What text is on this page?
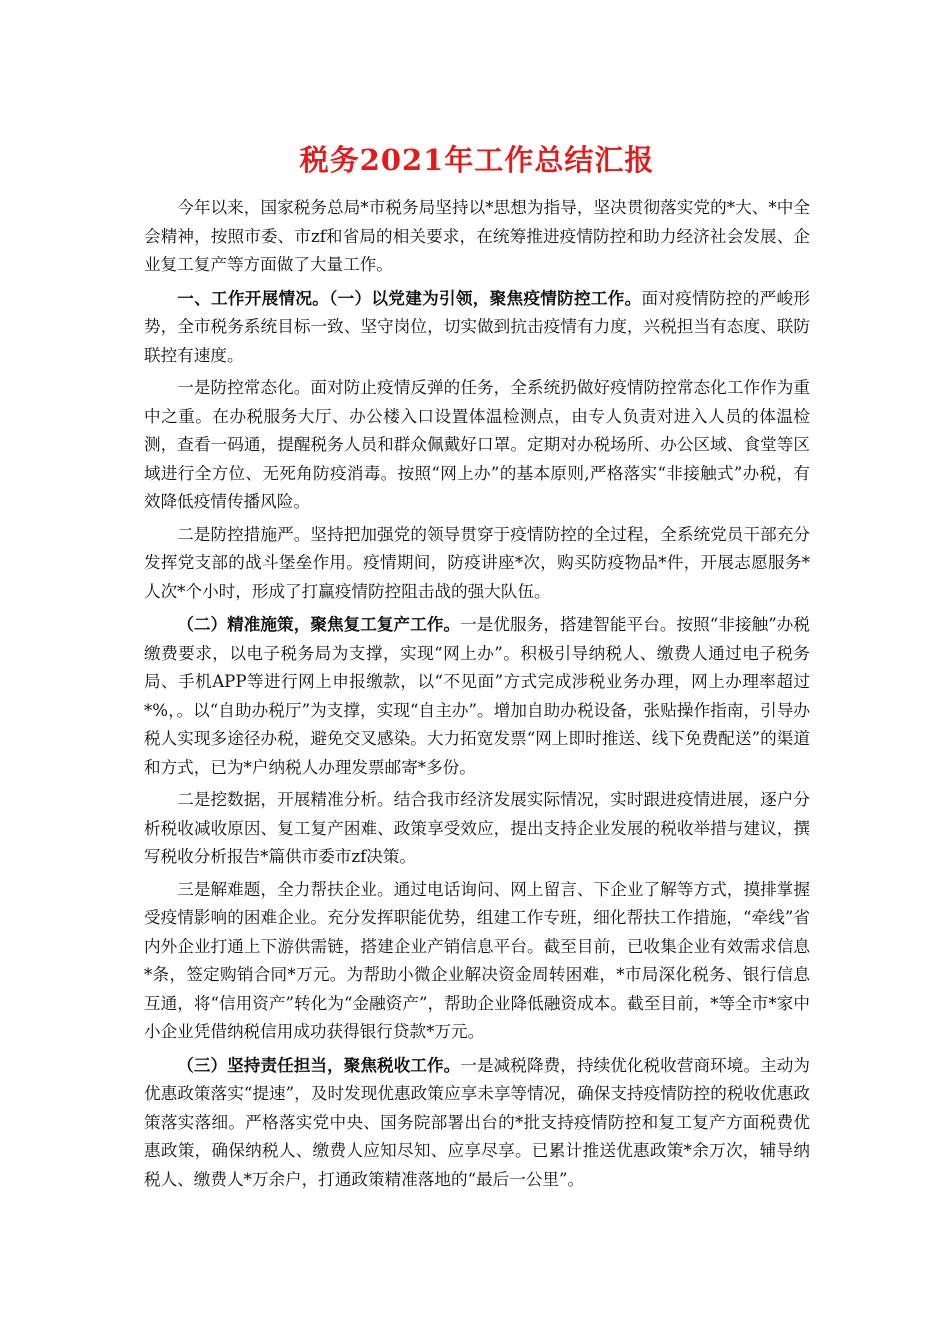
税务2021年工作总结汇报

今年以来，国家税务总局*市税务局坚持以*思想为指导，坚决贯彻落实党的*大、*中全会精神，按照市委、市zf和省局的相关要求，在统筹推进疫情防控和助力经济社会发展、企业复工复产等方面做了大量工作。

一、工作开展情况。（一）以党建为引领，聚焦疫情防控工作。面对疫情防控的严峻形势，全市税务系统目标一致、坚守岗位，切实做到抗击疫情有力度，兴税担当有态度、联防联控有速度。

一是防控常态化。面对防止疫情反弹的任务，全系统扔做好疫情防控常态化工作作为重中之重。在办税服务大厅、办公楼入口设置体温检测点，由专人负责对进入人员的体温检测，查看一码通，提醒税务人员和群众佩戴好口罩。定期对办税场所、办公区域、食堂等区域进行全方位、无死角防疫消毒。按照“网上办”的基本原则,严格落实“非接触式”办税，有效降低疫情传播风险。

二是防控措施严。坚持把加强党的领导贯穿于疫情防控的全过程，全系统党员干部充分发挥党支部的战斗堡垒作用。疫情期间，防疫讲座*次，购买防疫物品*件，开展志愿服务*人次*个小时，形成了打赢疫情防控阻击战的强大队伍。

（二）精准施策，聚焦复工复产工作。一是优服务，搭建智能平台。按照“非接触”办税缴费要求，以电子税务局为支撑，实现“网上办”。积极引导纳税人、缴费人通过电子税务局、手机APP等进行网上申报缴款，以“不见面”方式完成涉税业务办理，网上办理率超过*%，。以“自助办税厅”为支撑，实现“自主办”。增加自助办税设备，张贴操作指南，引导办税人实现多途径办税，避免交叉感染。大力拓宽发票“网上即时推送、线下免费配送”的渠道和方式，已为*户纳税人办理发票邮寄*多份。

二是挖数据，开展精准分析。结合我市经济发展实际情况，实时跟进疫情进展，逐户分析税收减收原因、复工复产困难、政策享受效应，提出支持企业发展的税收举措与建议，撰写税收分析报告*篇供市委市zf决策。

三是解难题，全力帮扶企业。通过电话询问、网上留言、下企业了解等方式，摸排掌握受疫情影响的困难企业。充分发挥职能优势，组建工作专班，细化帮扶工作措施，“牵线”省内外企业打通上下游供需链，搭建企业产销信息平台。截至目前，已收集企业有效需求信息*条，签定购销合同*万元。为帮助小微企业解决资金周转困难，*市局深化税务、银行信息互通，将“信用资产”转化为“金融资产”，帮助企业降低融资成本。截至目前，*等全市*家中小企业凭借纳税信用成功获得银行贷款*万元。

（三）坚持责任担当，聚焦税收工作。一是减税降费，持续优化税收营商环境。主动为优惠政策落实“提速”，及时发现优惠政策应享未享等情况，确保支持疫情防控的税收优惠政策落实落细。严格落实党中央、国务院部署出台的*批支持疫情防控和复工复产方面税费优惠政策，确保纳税人、缴费人应知尽知、应享尽享。已累计推送优惠政策*余万次，辅导纳税人、缴费人*万余户，打通政策精准落地的“最后一公里”。
